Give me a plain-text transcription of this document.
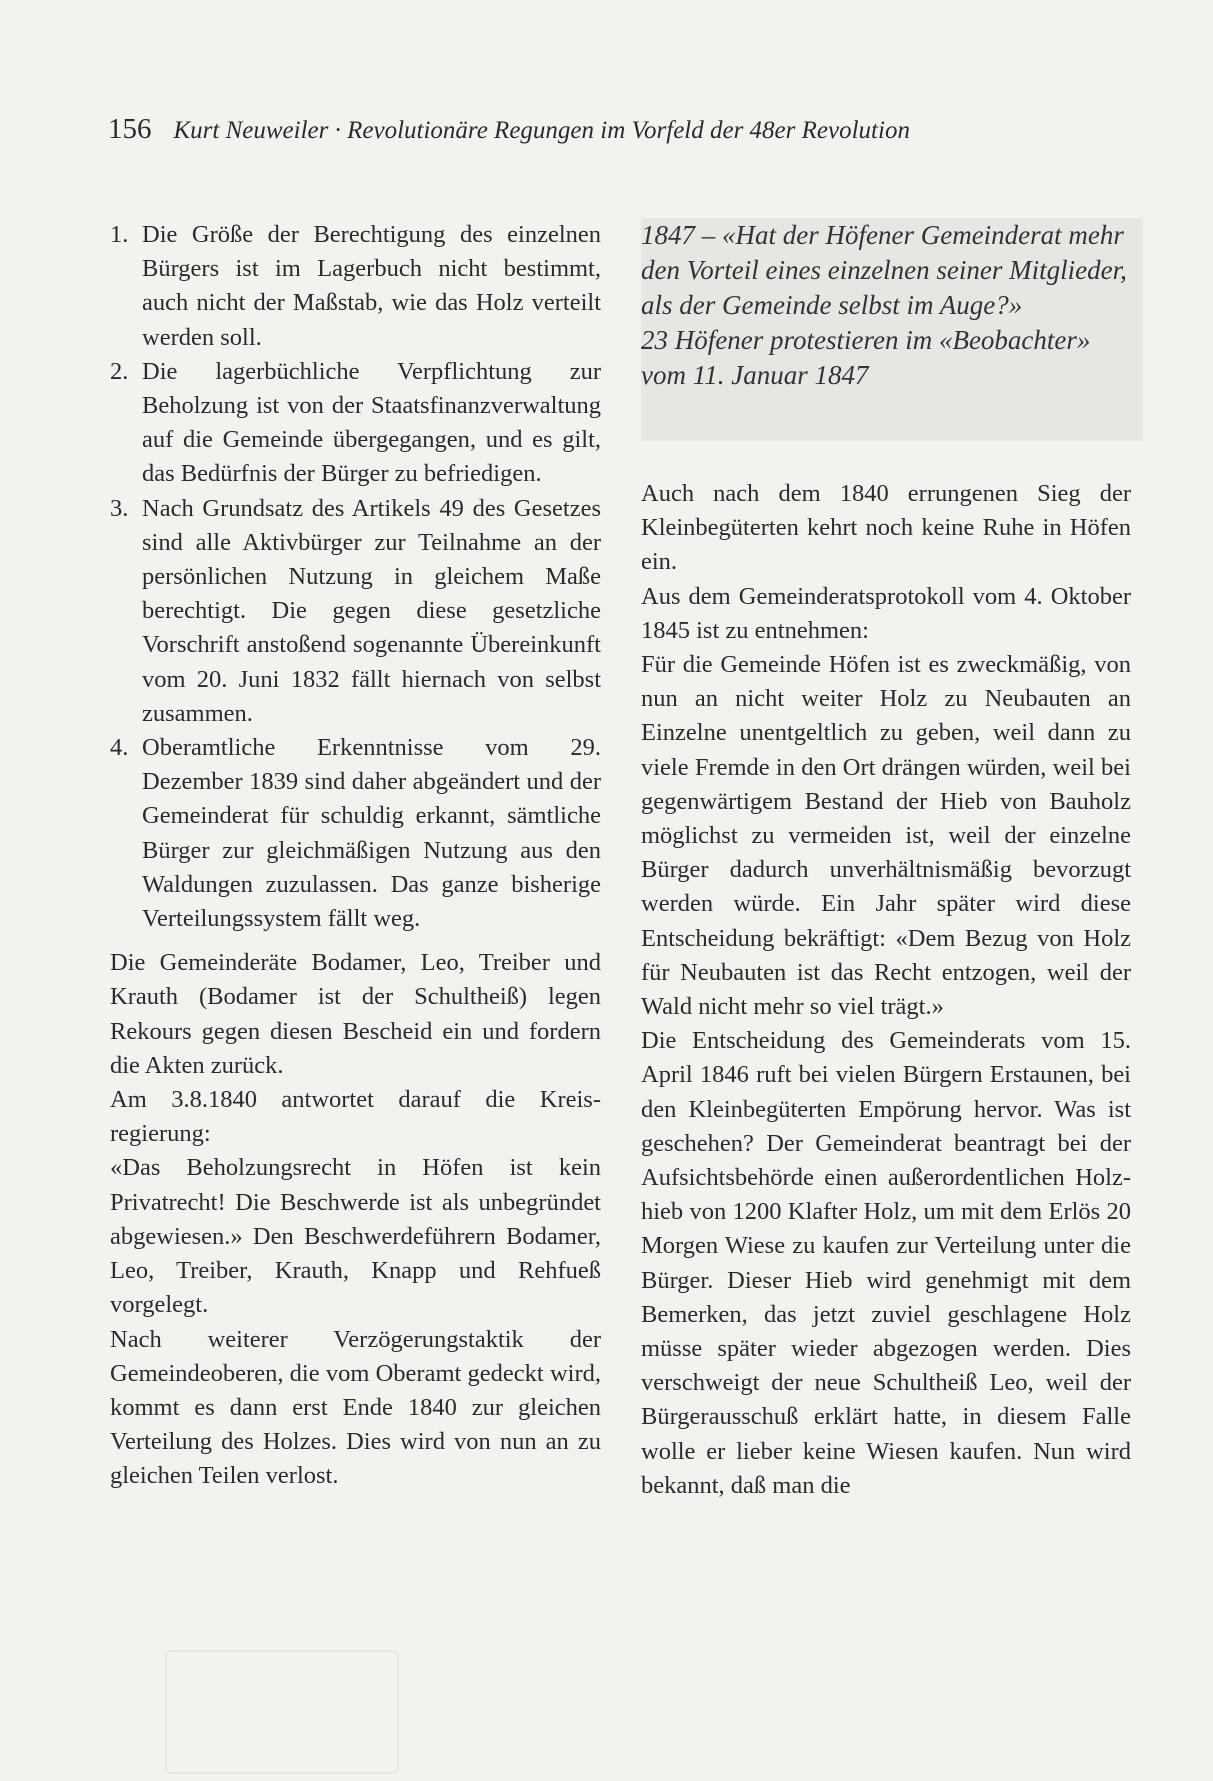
156 Kurt Neuweiler · Revolutionäre Regungen im Vorfeld der 48er Revolution
1. Die Größe der Berechtigung des einzelnen Bürgers ist im Lagerbuch nicht bestimmt, auch nicht der Maßstab, wie das Holz verteilt werden soll.
2. Die lagerbüchliche Verpflichtung zur Beholzung ist von der Staatsfinanzverwaltung auf die Gemeinde übergegangen, und es gilt, das Bedürfnis der Bürger zu befriedigen.
3. Nach Grundsatz des Artikels 49 des Gesetzes sind alle Aktivbürger zur Teilnahme an der persönlichen Nutzung in gleichem Maße berechtigt. Die gegen diese gesetzliche Vorschrift anstoßend sogenannte Übereinkunft vom 20. Juni 1832 fällt hiernach von selbst zusammen.
4. Oberamtliche Erkenntnisse vom 29. Dezember 1839 sind daher abgeändert und der Gemeinderat für schuldig erkannt, sämtliche Bürger zur gleichmäßigen Nutzung aus den Waldungen zuzulassen. Das ganze bisherige Verteilungssystem fällt weg.

Die Gemeinderäte Bodamer, Leo, Treiber und Krauth (Bodamer ist der Schultheiß) legen Rekours gegen diesen Bescheid ein und fordern die Akten zurück.

Am 3.8.1840 antwortet darauf die Kreisregierung:

«Das Beholzungsrecht in Höfen ist kein Privatrecht! Die Beschwerde ist als unbegründet abgewiesen.» Den Beschwerdeführern Bodamer, Leo, Treiber, Krauth, Knapp und Rehfueß vorgelegt.

Nach weiterer Verzögerungstaktik der Gemeindeoberen, die vom Oberamt gedeckt wird, kommt es dann erst Ende 1840 zur gleichen Verteilung des Holzes. Dies wird von nun an zu gleichen Teilen verlost.

1847 – «Hat der Höfener Gemeinderat mehr den Vorteil eines einzelnen seiner Mitglieder, als der Gemeinde selbst im Auge?»

23 Höfener protestieren im «Beobachter» vom 11. Januar 1847

Auch nach dem 1840 errungenen Sieg der Kleinbegüterten kehrt noch keine Ruhe in Höfen ein.

Aus dem Gemeinderatsprotokoll vom 4. Oktober 1845 ist zu entnehmen:

Für die Gemeinde Höfen ist es zweckmäßig, von nun an nicht weiter Holz zu Neubauten an Einzelne unentgeltlich zu geben, weil dann zu viele Fremde in den Ort drängen würden, weil bei gegenwärtigem Bestand der Hieb von Bauholz möglichst zu vermeiden ist, weil der einzelne Bürger dadurch unverhältnismäßig bevorzugt werden würde. Ein Jahr später wird diese Entscheidung bekräftigt: «Dem Bezug von Holz für Neubauten ist das Recht entzogen, weil der Wald nicht mehr so viel trägt.»

Die Entscheidung des Gemeinderats vom 15. April 1846 ruft bei vielen Bürgern Erstaunen, bei den Kleinbegüterten Empörung hervor. Was ist geschehen? Der Gemeinderat beantragt bei der Aufsichtsbehörde einen außerordentlichen Holzhieb von 1200 Klafter Holz, um mit dem Erlös 20 Morgen Wiese zu kaufen zur Verteilung unter die Bürger. Dieser Hieb wird genehmigt mit dem Bemerken, das jetzt zuviel geschlagene Holz müsse später wieder abgezogen werden. Dies verschweigt der neue Schultheiß Leo, weil der Bürgerausschuß erklärt hatte, in diesem Falle wolle er lieber keine Wiesen kaufen. Nun wird bekannt, daß man die
